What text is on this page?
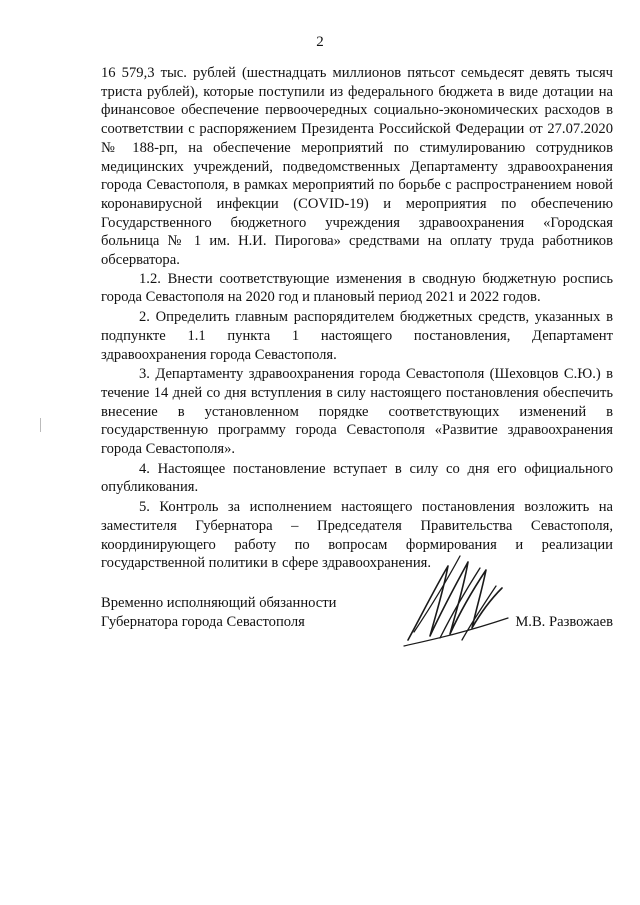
2

16 579,3 тыс. рублей (шестнадцать миллионов пятьсот семьдесят девять тысяч триста рублей), которые поступили из федерального бюджета в виде дотации на финансовое обеспечение первоочередных социально-экономических расходов в соответствии с распоряжением Президента Российской Федерации от 27.07.2020 № 188-рп, на обеспечение мероприятий по стимулированию сотрудников медицинских учреждений, подведомственных Департаменту здравоохранения города Севастополя, в рамках мероприятий по борьбе с распространением новой коронавирусной инфекции (COVID-19) и мероприятия по обеспечению Государственного бюджетного учреждения здравоохранения «Городская больница № 1 им. Н.И. Пирогова» средствами на оплату труда работников обсерватора.

1.2. Внести соответствующие изменения в сводную бюджетную роспись города Севастополя на 2020 год и плановый период 2021 и 2022 годов.

2. Определить главным распорядителем бюджетных средств, указанных в подпункте 1.1 пункта 1 настоящего постановления, Департамент здравоохранения города Севастополя.

3. Департаменту здравоохранения города Севастополя (Шеховцов С.Ю.) в течение 14 дней со дня вступления в силу настоящего постановления обеспечить внесение в установленном порядке соответствующих изменений в государственную программу города Севастополя «Развитие здравоохранения города Севастополя».

4. Настоящее постановление вступает в силу со дня его официального опубликования.

5. Контроль за исполнением настоящего постановления возложить на заместителя Губернатора – Председателя Правительства Севастополя, координирующего работу по вопросам формирования и реализации государственной политики в сфере здравоохранения.

Временно исполняющий обязанности
Губернатора города Севастополя	М.В. Развожаев
